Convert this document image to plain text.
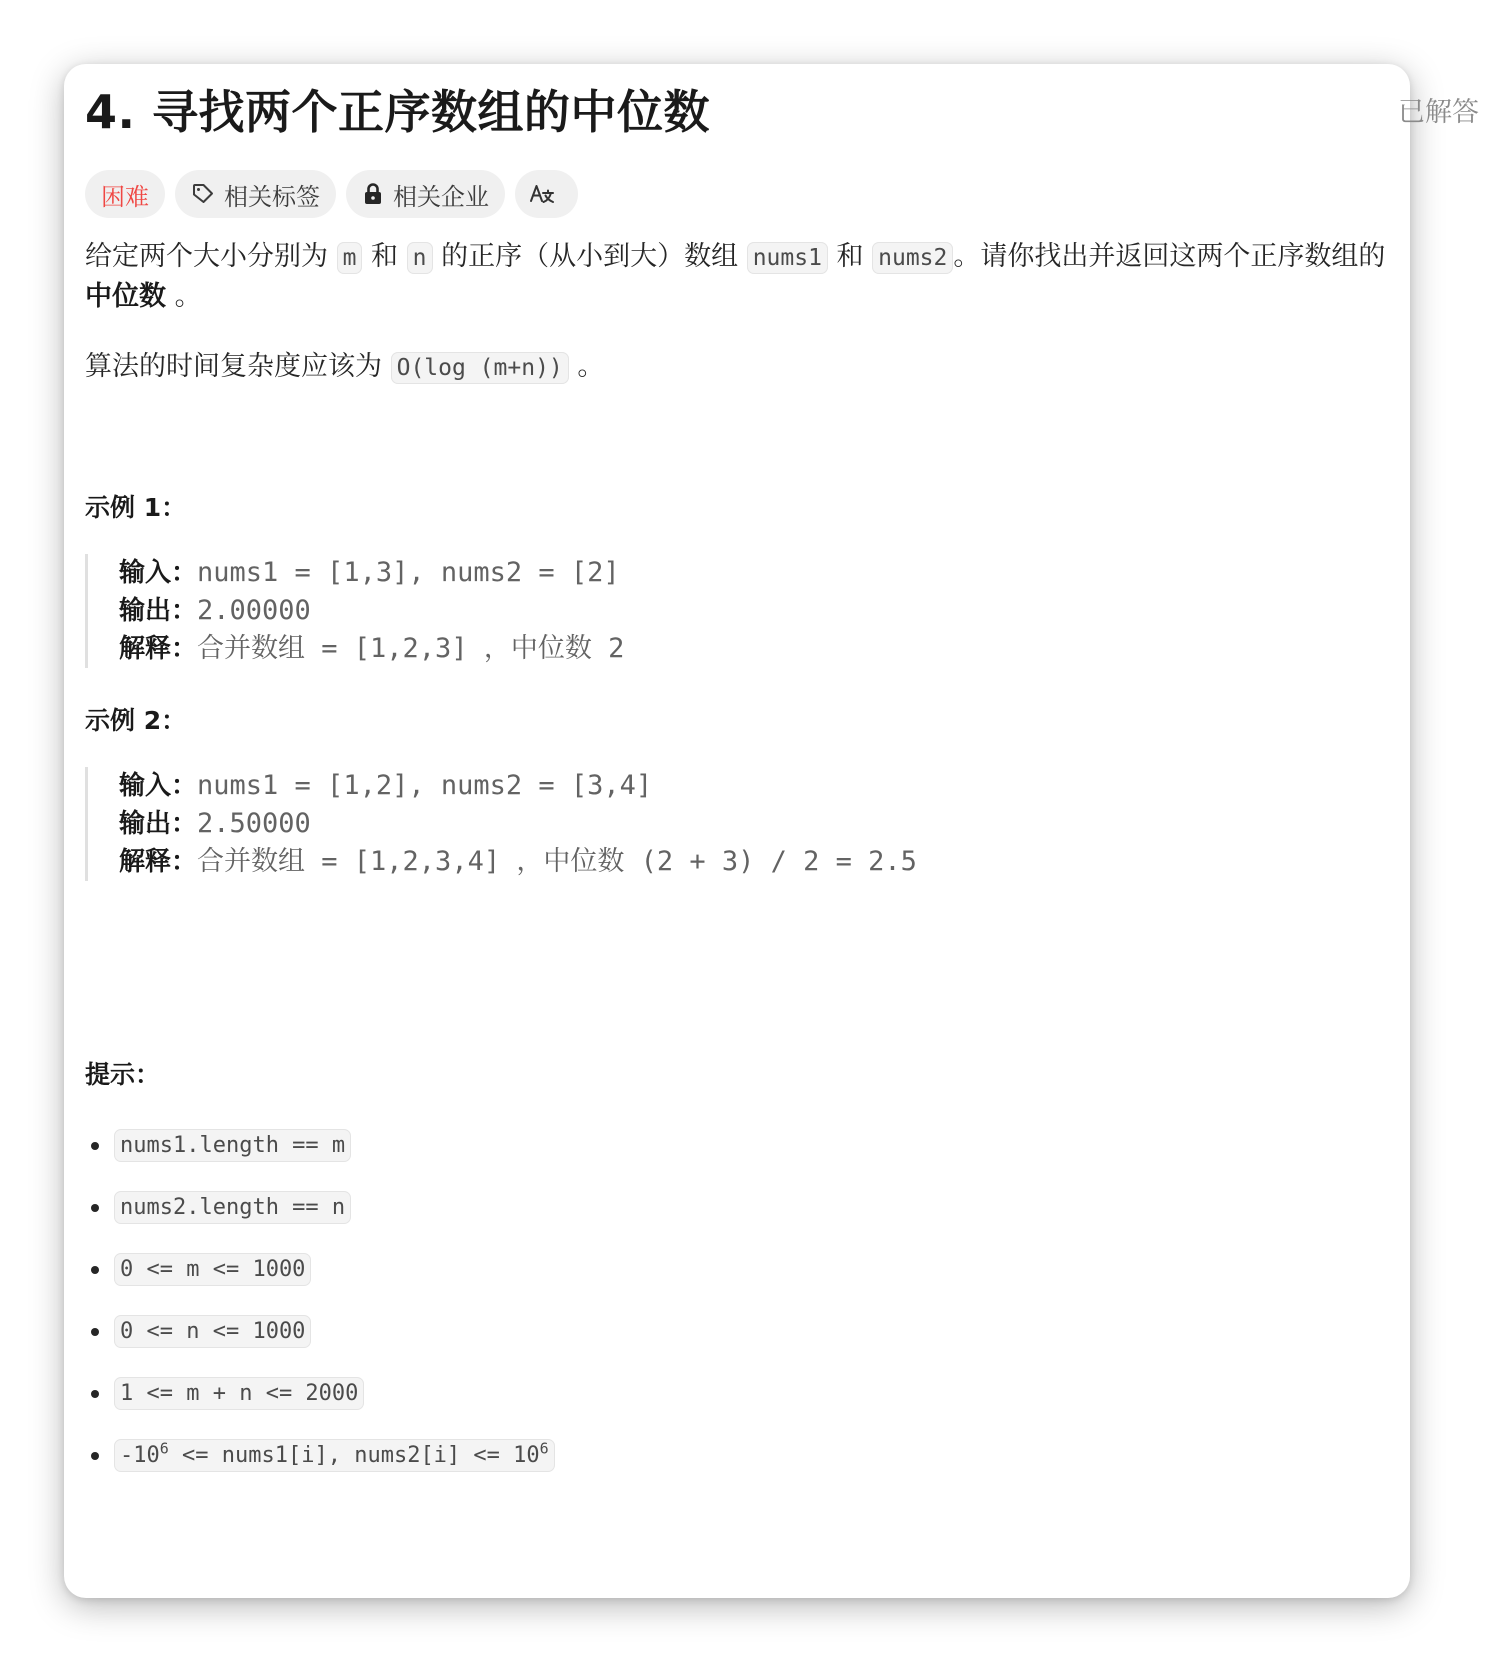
4. 寻找两个正序数组的中位数	已解答
困难	相关标签	相关企业
给定两个大小分别为 m 和 n 的正序（从小到大）数组 nums1 和 nums2 。请你找出并返回这两个正序数组的
中位数 。
算法的时间复杂度应该为 O(log (m+n)) 。
示例 1：
输入：nums1 = [1,3], nums2 = [2]
输出：2.00000
解释：合并数组 = [1,2,3] ，中位数 2
示例 2：
输入：nums1 = [1,2], nums2 = [3,4]
输出：2.50000
解释：合并数组 = [1,2,3,4] ，中位数 (2 + 3) / 2 = 2.5
提示：
nums1.length == m
nums2.length == n
0 <= m <= 1000
0 <= n <= 1000
1 <= m + n <= 2000
$-10^6$ <= nums1[i], nums2[i] <= $10^6$
